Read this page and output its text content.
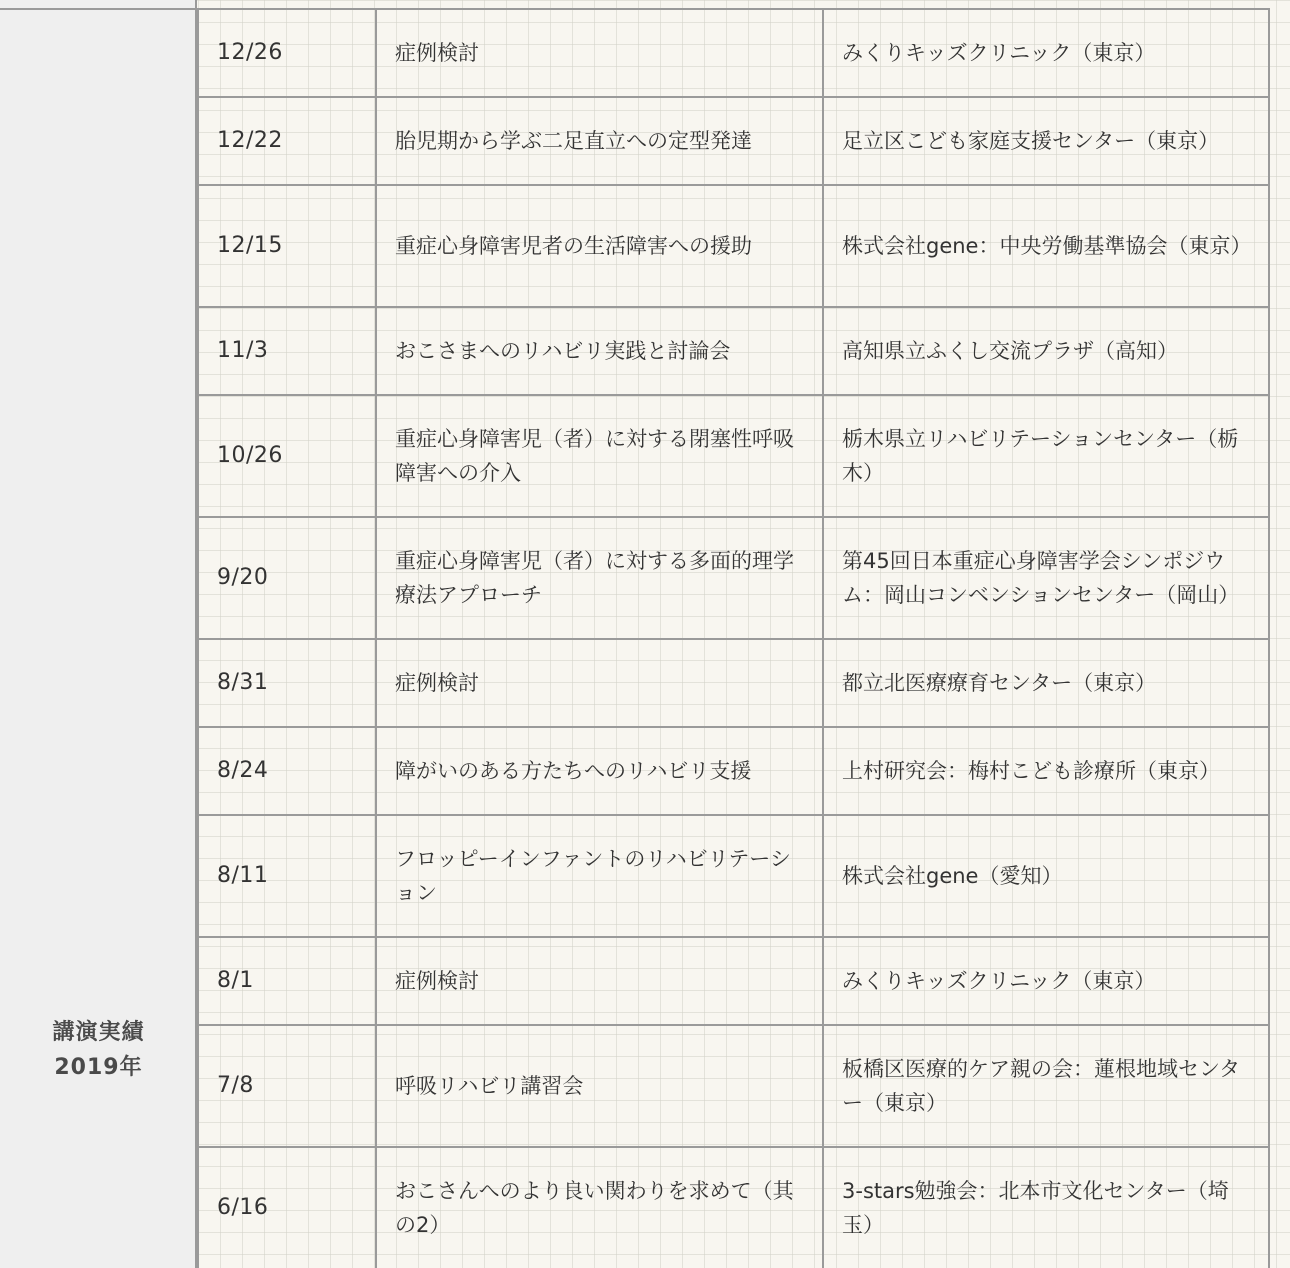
講演実績
2019年
12/26	症例検討	みくりキッズクリニック（東京）
12/22	胎児期から学ぶ二足直立への定型発達	足立区こども家庭支援センター（東京）
12/15	重症心身障害児者の生活障害への援助	株式会社gene：中央労働基準協会（東京）
11/3	おこさまへのリハビリ実践と討論会	高知県立ふくし交流プラザ（高知）
10/26	重症心身障害児（者）に対する閉塞性呼吸障害への介入	栃木県立リハビリテーションセンター（栃木）
9/20	重症心身障害児（者）に対する多面的理学療法アプローチ	第45回日本重症心身障害学会シンポジウム：岡山コンベンションセンター（岡山）
8/31	症例検討	都立北医療療育センター（東京）
8/24	障がいのある方たちへのリハビリ支援	上村研究会：梅村こども診療所（東京）
8/11	フロッピーインファントのリハビリテーション	株式会社gene（愛知）
8/1	症例検討	みくりキッズクリニック（東京）
7/8	呼吸リハビリ講習会	板橋区医療的ケア親の会：蓮根地域センター（東京）
6/16	おこさんへのより良い関わりを求めて（其の2）	3-stars勉強会：北本市文化センター（埼玉）
